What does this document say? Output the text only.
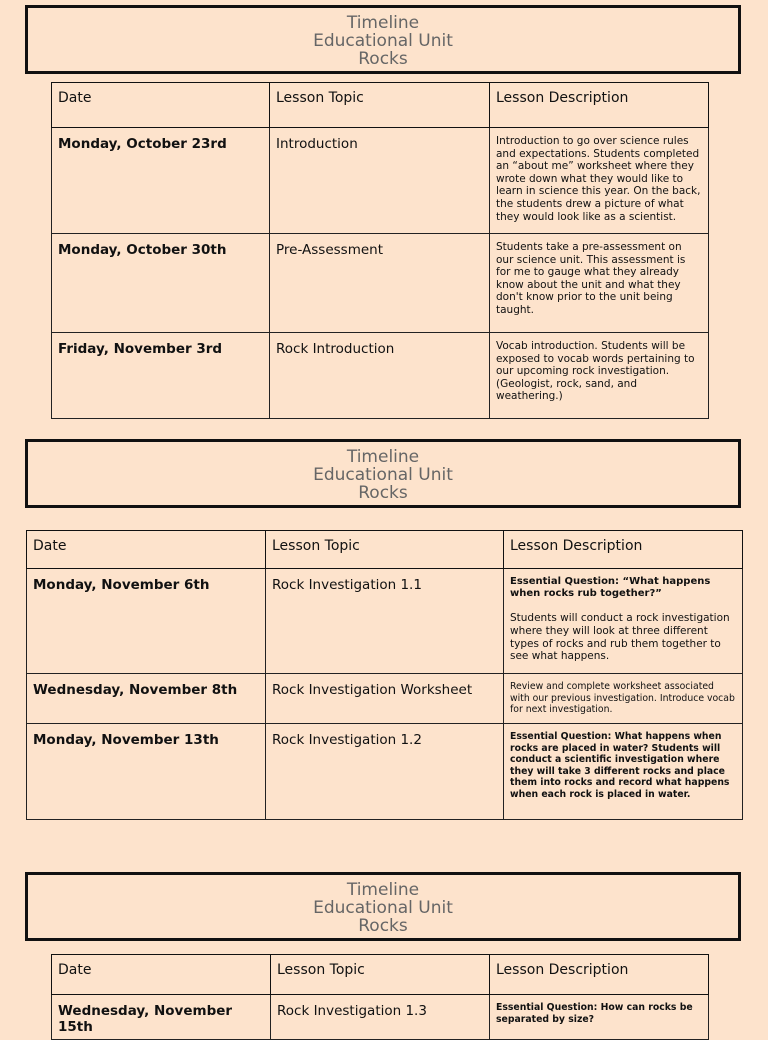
Timeline
Educational Unit
Rocks
Date	Lesson Topic	Lesson Description
Monday, October 23rd	Introduction	Introduction to go over science rules and expectations. Students completed an “about me” worksheet where they wrote down what they would like to learn in science this year. On the back, the students drew a picture of what they would look like as a scientist.
Monday, October 30th	Pre-Assessment	Students take a pre-assessment on our science unit. This assessment is for me to gauge what they already know about the unit and what they don't know prior to the unit being taught.
Friday, November 3rd	Rock Introduction	Vocab introduction. Students will be exposed to vocab words pertaining to our upcoming rock investigation. (Geologist, rock, sand, and weathering.)
Timeline
Educational Unit
Rocks
Date	Lesson Topic	Lesson Description
Monday, November 6th	Rock Investigation 1.1	Essential Question: “What happens when rocks rub together?”
Students will conduct a rock investigation where they will look at three different types of rocks and rub them together to see what happens.

Wednesday, November 8th	Rock Investigation Worksheet	Review and complete worksheet associated with our previous investigation. Introduce vocab for next investigation.
Monday, November 13th	Rock Investigation 1.2	Essential Question: What happens when rocks are placed in water? Students will conduct a scientific investigation where they will take 3 different rocks and place them into rocks and record what happens when each rock is placed in water.
Timeline
Educational Unit
Rocks
Date	Lesson Topic	Lesson Description
Wednesday, November 15th	Rock Investigation 1.3	Essential Question: How can rocks be separated by size?
